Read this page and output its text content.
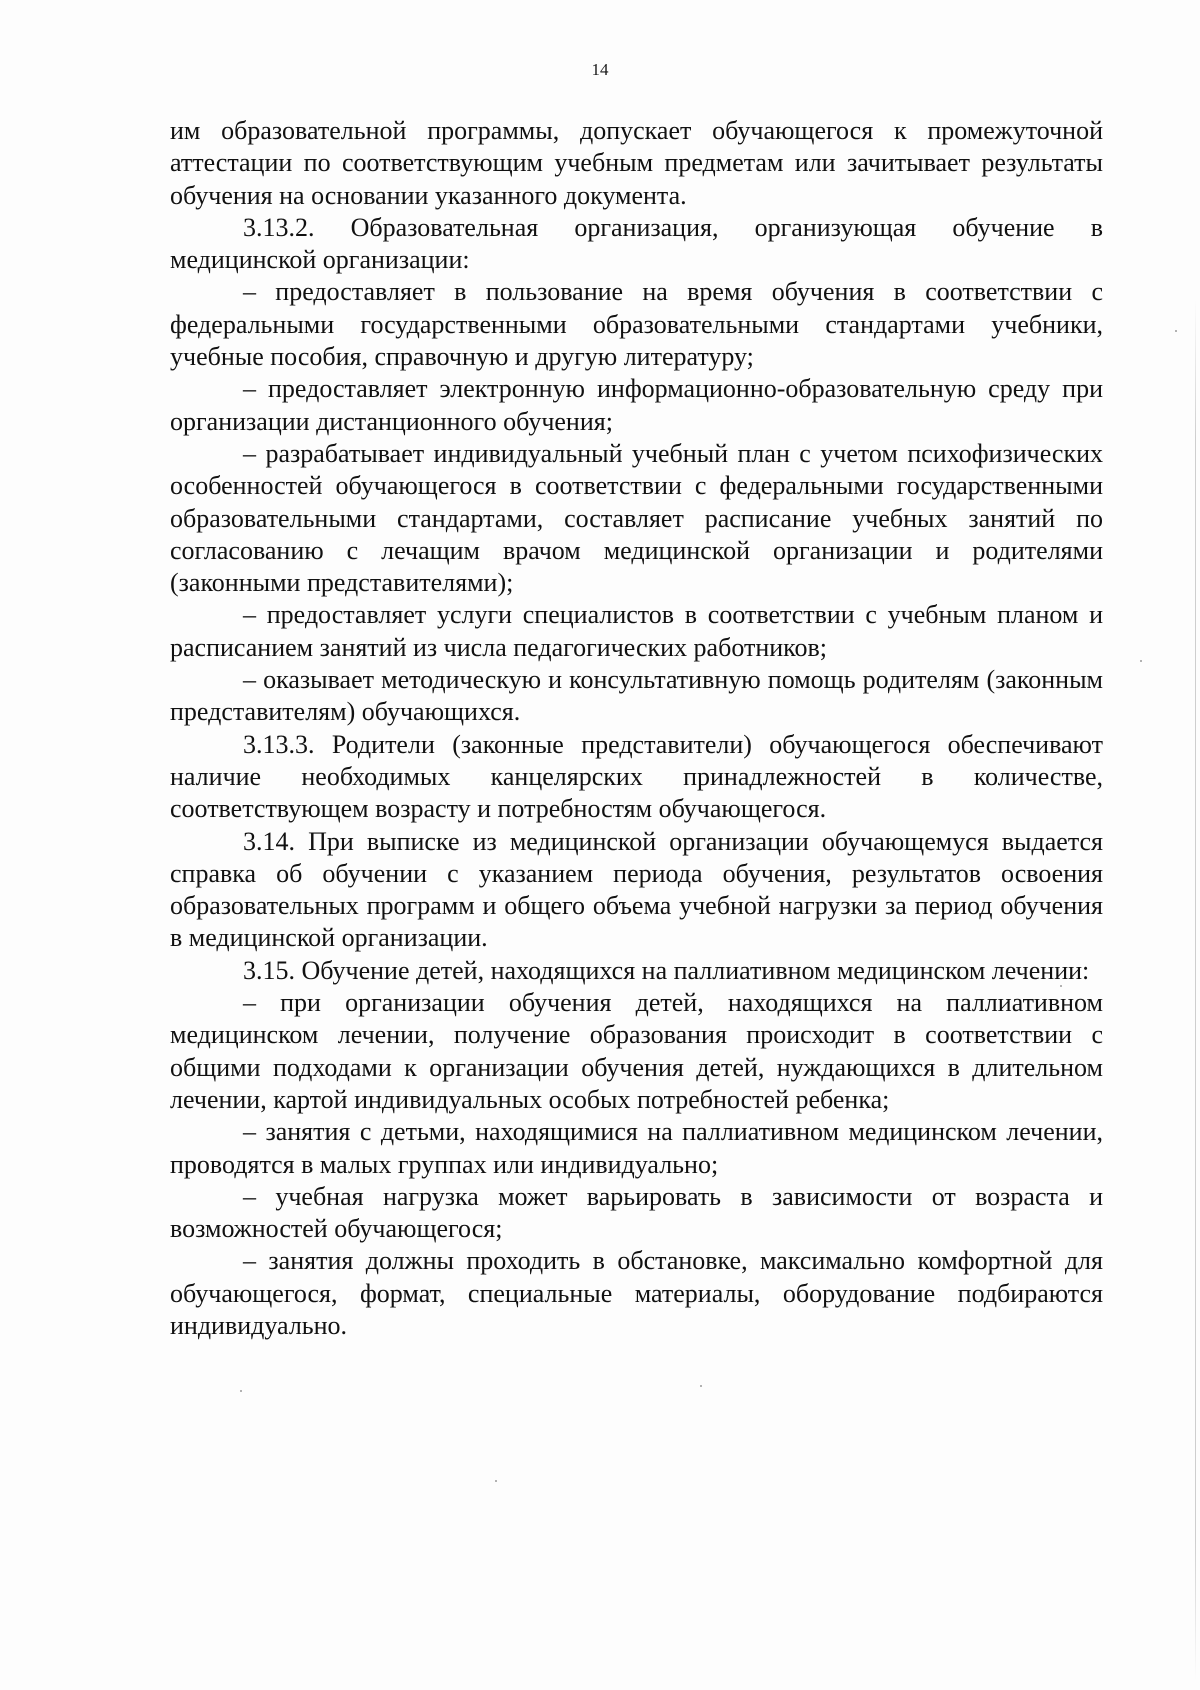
14

им образовательной программы, допускает обучающегося к промежуточной аттестации по соответствующим учебным предметам или зачитывает результаты обучения на основании указанного документа.

3.13.2. Образовательная организация, организующая обучение в медицинской организации:

– предоставляет в пользование на время обучения в соответствии с федеральными государственными образовательными стандартами учебники, учебные пособия, справочную и другую литературу;

– предоставляет электронную информационно-образовательную среду при организации дистанционного обучения;

– разрабатывает индивидуальный учебный план с учетом психофизических особенностей обучающегося в соответствии с федеральными государственными образовательными стандартами, составляет расписание учебных занятий по согласованию с лечащим врачом медицинской организации и родителями (законными представителями);

– предоставляет услуги специалистов в соответствии с учебным планом и расписанием занятий из числа педагогических работников;

– оказывает методическую и консультативную помощь родителям (законным представителям) обучающихся.

3.13.3. Родители (законные представители) обучающегося обеспечивают наличие необходимых канцелярских принадлежностей в количестве, соответствующем возрасту и потребностям обучающегося.

3.14. При выписке из медицинской организации обучающемуся выдается справка об обучении с указанием периода обучения, результатов освоения образовательных программ и общего объема учебной нагрузки за период обучения в медицинской организации.

3.15. Обучение детей, находящихся на паллиативном медицинском лечении:

– при организации обучения детей, находящихся на паллиативном медицинском лечении, получение образования происходит в соответствии с общими подходами к организации обучения детей, нуждающихся в длительном лечении, картой индивидуальных особых потребностей ребенка;

– занятия с детьми, находящимися на паллиативном медицинском лечении, проводятся в малых группах или индивидуально;

– учебная нагрузка может варьировать в зависимости от возраста и возможностей обучающегося;

– занятия должны проходить в обстановке, максимально комфортной для обучающегося, формат, специальные материалы, оборудование подбираются индивидуально.
